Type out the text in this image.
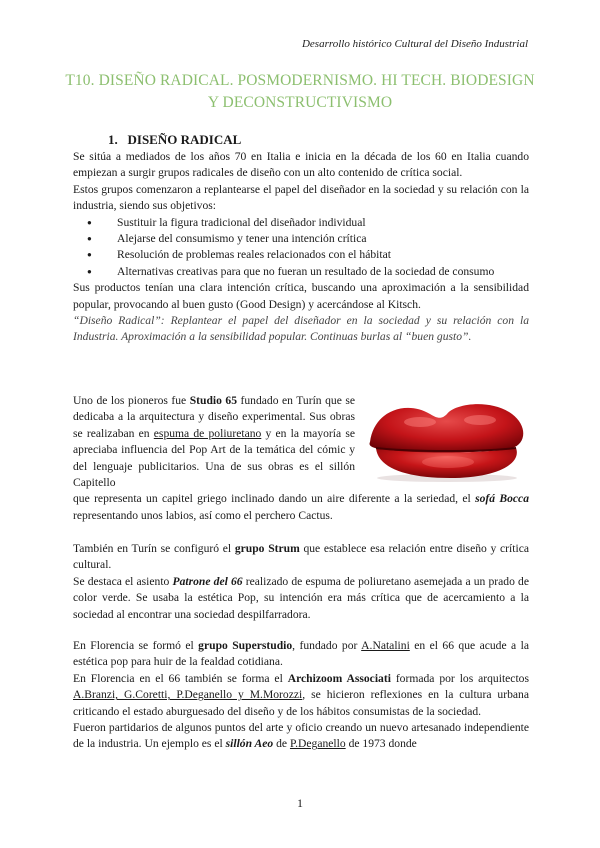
Desarrollo histórico Cultural del Diseño Industrial
T10. DISEÑO RADICAL. POSMODERNISMO. HI TECH. BIODESIGN
Y DECONSTRUCTIVISMO
1. DISEÑO RADICAL

Se sitúa a mediados de los años 70 en Italia e inicia en la década de los 60 en Italia cuando empiezan a surgir grupos radicales de diseño con un alto contenido de crítica social.

Estos grupos comenzaron a replantearse el papel del diseñador en la sociedad y su relación con la industria, siendo sus objetivos:

● Sustituir la figura tradicional del diseñador individual
● Alejarse del consumismo y tener una intención crítica
● Resolución de problemas reales relacionados con el hábitat
● Alternativas creativas para que no fueran un resultado de la sociedad de consumo

Sus productos tenían una clara intención crítica, buscando una aproximación a la sensibilidad popular, provocando al buen gusto (Good Design) y acercándose al Kitsch.

“Diseño Radical”: Replantear el papel del diseñador en la sociedad y su relación con la Industria. Aproximación a la sensibilidad popular. Continuas burlas al “buen gusto”.

Uno de los pioneros fue Studio 65 fundado en Turín que se dedicaba a la arquitectura y diseño experimental. Sus obras se realizaban en espuma de poliuretano y en la mayoría se apreciaba influencia del Pop Art de la temática del cómic y del lenguaje publicitarios. Una de sus obras es el sillón Capitello

que representa un capitel griego inclinado dando un aire diferente a la seriedad, el sofá Bocca representando unos labios, así como el perchero Cactus.

También en Turín se configuró el grupo Strum que establece esa relación entre diseño y crítica cultural.

Se destaca el asiento Patrone del 66 realizado de espuma de poliuretano asemejada a un prado de color verde. Se usaba la estética Pop, su intención era más crítica que de acercamiento a la sociedad al encontrar una sociedad despilfarradora.

En Florencia se formó el grupo Superstudio, fundado por A.Natalini en el 66 que acude a la estética pop para huir de la fealdad cotidiana.

En Florencia en el 66 también se forma el Archizoom Associati formada por los arquitectos A.Branzi, G.Coretti, P.Deganello y M.Morozzi, se hicieron reflexiones en la cultura urbana criticando el estado aburguesado del diseño y de los hábitos consumistas de la sociedad.

Fueron partidarios de algunos puntos del arte y oficio creando un nuevo artesanado independiente de la industria. Un ejemplo es el sillón Aeo de P.Deganello de 1973 donde

1
